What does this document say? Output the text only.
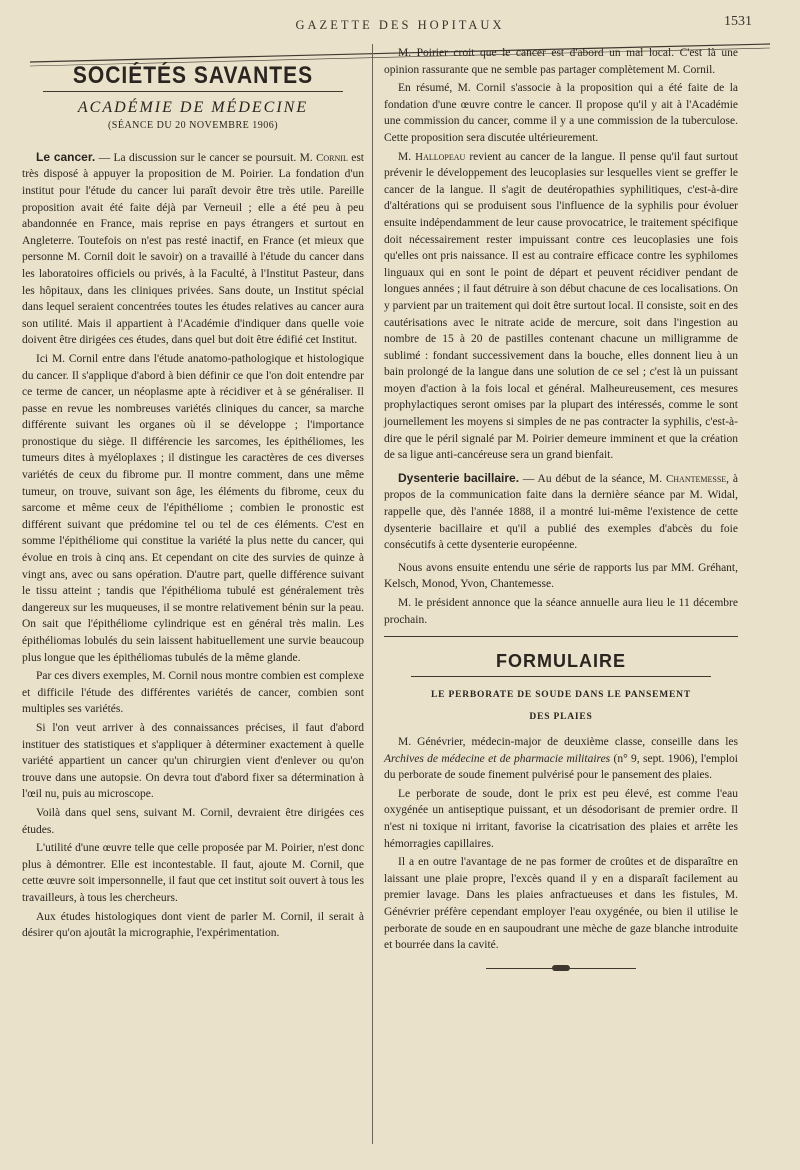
GAZETTE DES HOPITAUX	1531
SOCIÉTÉS SAVANTES
ACADÉMIE DE MÉDECINE
(SÉANCE DU 20 NOVEMBRE 1906)

Le cancer. — La discussion sur le cancer se poursuit. M. Cornil est très disposé à appuyer la proposition de M. Poirier. La fondation d'un institut pour l'étude du cancer lui paraît devoir être très utile. Pareille proposition avait été faite déjà par Verneuil ; elle a été peu à peu abandonnée en France, mais reprise en pays étrangers et surtout en Angleterre. Toutefois on n'est pas resté inactif, en France (et mieux que personne M. Cornil doit le savoir) on a travaillé à l'étude du cancer dans les laboratoires officiels ou privés, à la Faculté, à l'Institut Pasteur, dans les hôpitaux, dans les cliniques privées. Sans doute, un Institut spécial dans lequel seraient concentrées toutes les études relatives au cancer aura son utilité. Mais il appartient à l'Académie d'indiquer dans quelle voie doivent être dirigées ces études, dans quel but doit être édifié cet Institut.

Ici M. Cornil entre dans l'étude anatomo-pathologique et histologique du cancer. Il s'applique d'abord à bien définir ce que l'on doit entendre par ce terme de cancer, un néoplasme apte à récidiver et à se généraliser. Il passe en revue les nombreuses variétés cliniques du cancer, sa marche différente suivant les organes où il se développe ; l'importance pronostique du siège. Il différencie les sarcomes, les épithéliomes, les tumeurs dites à myéloplaxes ; il distingue les caractères de ces diverses variétés de ceux du fibrome pur. Il montre comment, dans une même tumeur, on trouve, suivant son âge, les éléments du fibrome, ceux du sarcome et même ceux de l'épithéliome ; combien le pronostic est différent suivant que prédomine tel ou tel de ces éléments. C'est en somme l'épithéliome qui constitue la variété la plus nette du cancer, qui évolue en trois à cinq ans. Et cependant on cite des survies de quinze à vingt ans, avec ou sans opération. D'autre part, quelle différence suivant le tissu atteint ; tandis que l'épithélioma tubulé est généralement très dangereux sur les muqueuses, il se montre relativement bénin sur la peau. On sait que l'épithéliome cylindrique est en général très malin. Les épithéliomas lobulés du sein laissent habituellement une survie beaucoup plus longue que les épithéliomas tubulés de la même glande.

Par ces divers exemples, M. Cornil nous montre combien est complexe et difficile l'étude des différentes variétés de cancer, combien sont multiples ses variétés.

Si l'on veut arriver à des connaissances précises, il faut d'abord instituer des statistiques et s'appliquer à déterminer exactement à quelle variété appartient un cancer qu'un chirurgien vient d'enlever ou qu'on trouve dans une autopsie. On devra tout d'abord fixer sa détermination à l'œil nu, puis au microscope.

Voilà dans quel sens, suivant M. Cornil, devraient être dirigées ces études.

L'utilité d'une œuvre telle que celle proposée par M. Poirier, n'est donc plus à démontrer. Elle est incontestable. Il faut, ajoute M. Cornil, que cette œuvre soit impersonnelle, il faut que cet institut soit ouvert à tous les travailleurs, à tous les chercheurs.

Aux études histologiques dont vient de parler M. Cornil, il serait à désirer qu'on ajoutât la micrographie, l'expérimentation.

M. Poirier croit que le cancer est d'abord un mal local. C'est là une opinion rassurante que ne semble pas partager complètement M. Cornil.

En résumé, M. Cornil s'associe à la proposition qui a été faite de la fondation d'une œuvre contre le cancer. Il propose qu'il y ait à l'Académie une commission du cancer, comme il y a une commission de la tuberculose. Cette proposition sera discutée ultérieurement.

M. Hallopeau revient au cancer de la langue. Il pense qu'il faut surtout prévenir le développement des leucoplasies sur lesquelles vient se greffer le cancer de la langue. Il s'agit de deutéropathies syphilitiques, c'est-à-dire d'altérations qui se produisent sous l'influence de la syphilis pour évoluer ensuite indépendamment de leur cause provocatrice, le traitement spécifique doit nécessairement rester impuissant contre ces leucoplasies une fois qu'elles ont pris naissance. Il est au contraire efficace contre les syphilomes linguaux qui en sont le point de départ et peuvent récidiver pendant de longues années ; il faut détruire à son début chacune de ces localisations. On y parvient par un traitement qui doit être surtout local. Il consiste, soit en des cautérisations avec le nitrate acide de mercure, soit dans l'ingestion au nombre de 15 à 20 de pastilles contenant chacune un milligramme de sublimé : fondant successivement dans la bouche, elles donnent lieu à un bain prolongé de la langue dans une solution de ce sel ; c'est là un puissant moyen d'action à la fois local et général. Malheureusement, ces mesures prophylactiques seront omises par la plupart des intéressés, comme le sont journellement les moyens si simples de ne pas contracter la syphilis, c'est-à-dire que le péril signalé par M. Poirier demeure imminent et que la création de sa ligue anti-cancéreuse sera un grand bienfait.

Dysenterie bacillaire. — Au début de la séance, M. Chantemesse, à propos de la communication faite dans la dernière séance par M. Widal, rappelle que, dès l'année 1888, il a montré lui-même l'existence de cette dysenterie bacillaire et qu'il a publié des exemples d'abcès du foie consécutifs à cette dysenterie européenne.

Nous avons ensuite entendu une série de rapports lus par MM. Gréhant, Kelsch, Monod, Yvon, Chantemesse.

M. le président annonce que la séance annuelle aura lieu le 11 décembre prochain.

FORMULAIRE
LE PERBORATE DE SOUDE DANS LE PANSEMENT
DES PLAIES

M. Génévrier, médecin-major de deuxième classe, conseille dans les Archives de médecine et de pharmacie militaires (n° 9, sept. 1906), l'emploi du perborate de soude finement pulvérisé pour le pansement des plaies.

Le perborate de soude, dont le prix est peu élevé, est comme l'eau oxygénée un antiseptique puissant, et un désodorisant de premier ordre. Il n'est ni toxique ni irritant, favorise la cicatrisation des plaies et arrête les hémorragies capillaires.

Il a en outre l'avantage de ne pas former de croûtes et de disparaître en laissant une plaie propre, l'excès quand il y en a disparaît facilement au premier lavage. Dans les plaies anfractueuses et dans les fistules, M. Génévrier préfère cependant employer l'eau oxygénée, ou bien il utilise le perborate de soude en en saupoudrant une mèche de gaze blanche introduite et bourrée dans la cavité.
